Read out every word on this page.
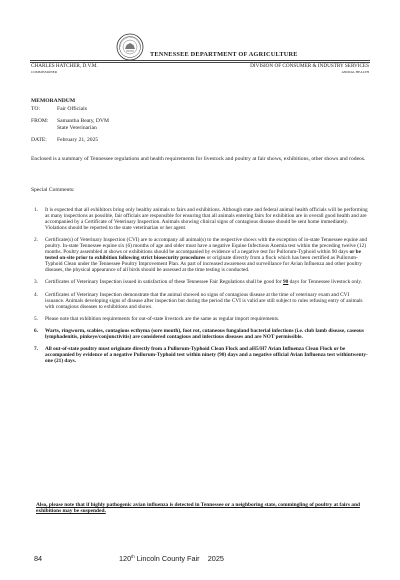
TENNESSEE DEPARTMENT OF AGRICULTURE
CHARLES HATCHER, D.V.M.
COMMISSIONER
DIVISION OF CONSUMER & INDUSTRY SERVICES
ANIMAL HEALTH
MEMORANDUM
TO:	Fair Officials
FROM:	Samantha Beaty, DVM
State Veterinarian
DATE:	February 21, 2025
Enclosed is a summary of Tennessee regulations and health requirements for livestock and poultry at fair shows, exhibitions, other shows and rodeos.
Special Comments:
1.	It is expected that all exhibitors bring only healthy animals to fairs and exhibitions. Although state and federal animal health officials will be performing as many inspections as possible, fair officials are responsible for ensuring that all animals entering fairs for exhibition are in overall good health and are accompanied by a Certificate of Veterinary Inspection. Animals showing clinical signs of contagious disease should be sent home immediately. Violations should be reported to the state veterinarian or her agent.
2.	Certificate(s) of Veterinary Inspection (CVI) are to accompany all animal(s) to the respective shows with the exception of in-state Tennessee equine and poultry. In-state Tennessee equine six (6) months of age and older must have a negative Equine Infectious Anemia test within the preceding twelve (12) months. Poultry assembled at shows or exhibitions should be accompanied by evidence of a negative test for Pullorum-Typhoid within 90 days or be tested on-site prior to exhibition following strict biosecurity procedures or originate directly from a flock which has been certified as Pullorum-Typhoid Clean under the Tennessee Poultry Improvement Plan. As part of increased awareness and surveillance for Avian Influenza and other poultry diseases, the physical appearance of all birds should be assessed at the time testing is conducted.
3.	Certificates of Veterinary Inspection issued in satisfaction of these Tennessee Fair Regulations shall be good for 90 days for Tennessee livestock only.
4.	Certificates of Veterinary Inspection demonstrate that the animal showed no signs of contagious disease at the time of veterinary exam and CVI issuance. Animals developing signs of disease after inspection but during the period the CVI is valid are still subject to rules refusing entry of animals with contagious diseases to exhibitions and shows.
5.	Please note that exhibition requirements for out-of-state livestock are the same as regular import requirements.
6.	Warts, ringworm, scabies, contagious ecthyma (sore mouth), foot rot, cutaneous fungaland bacterial infections (i.e. club lamb disease, caseous lymphadenitis, pinkeye/conjunctivitis) are considered contagious and infectious diseases and are NOT permissible.
7.	All out-of-state poultry must originate directly from a Pullorum-Typhoid Clean Flock and aH5/H7 Avian Influenza Clean Flock or be accompanied by evidence of a negative Pullorum-Typhoid test within ninety (90) days and a negative official Avian Influenza test withintwenty-one (21) days.
Also, please note that if highly pathogenic avian influenza is detected in Tennessee or a neighboring state, commingling of poultry at fairs and exhibitions may be suspended.
84	120th Lincoln County Fair 2025
